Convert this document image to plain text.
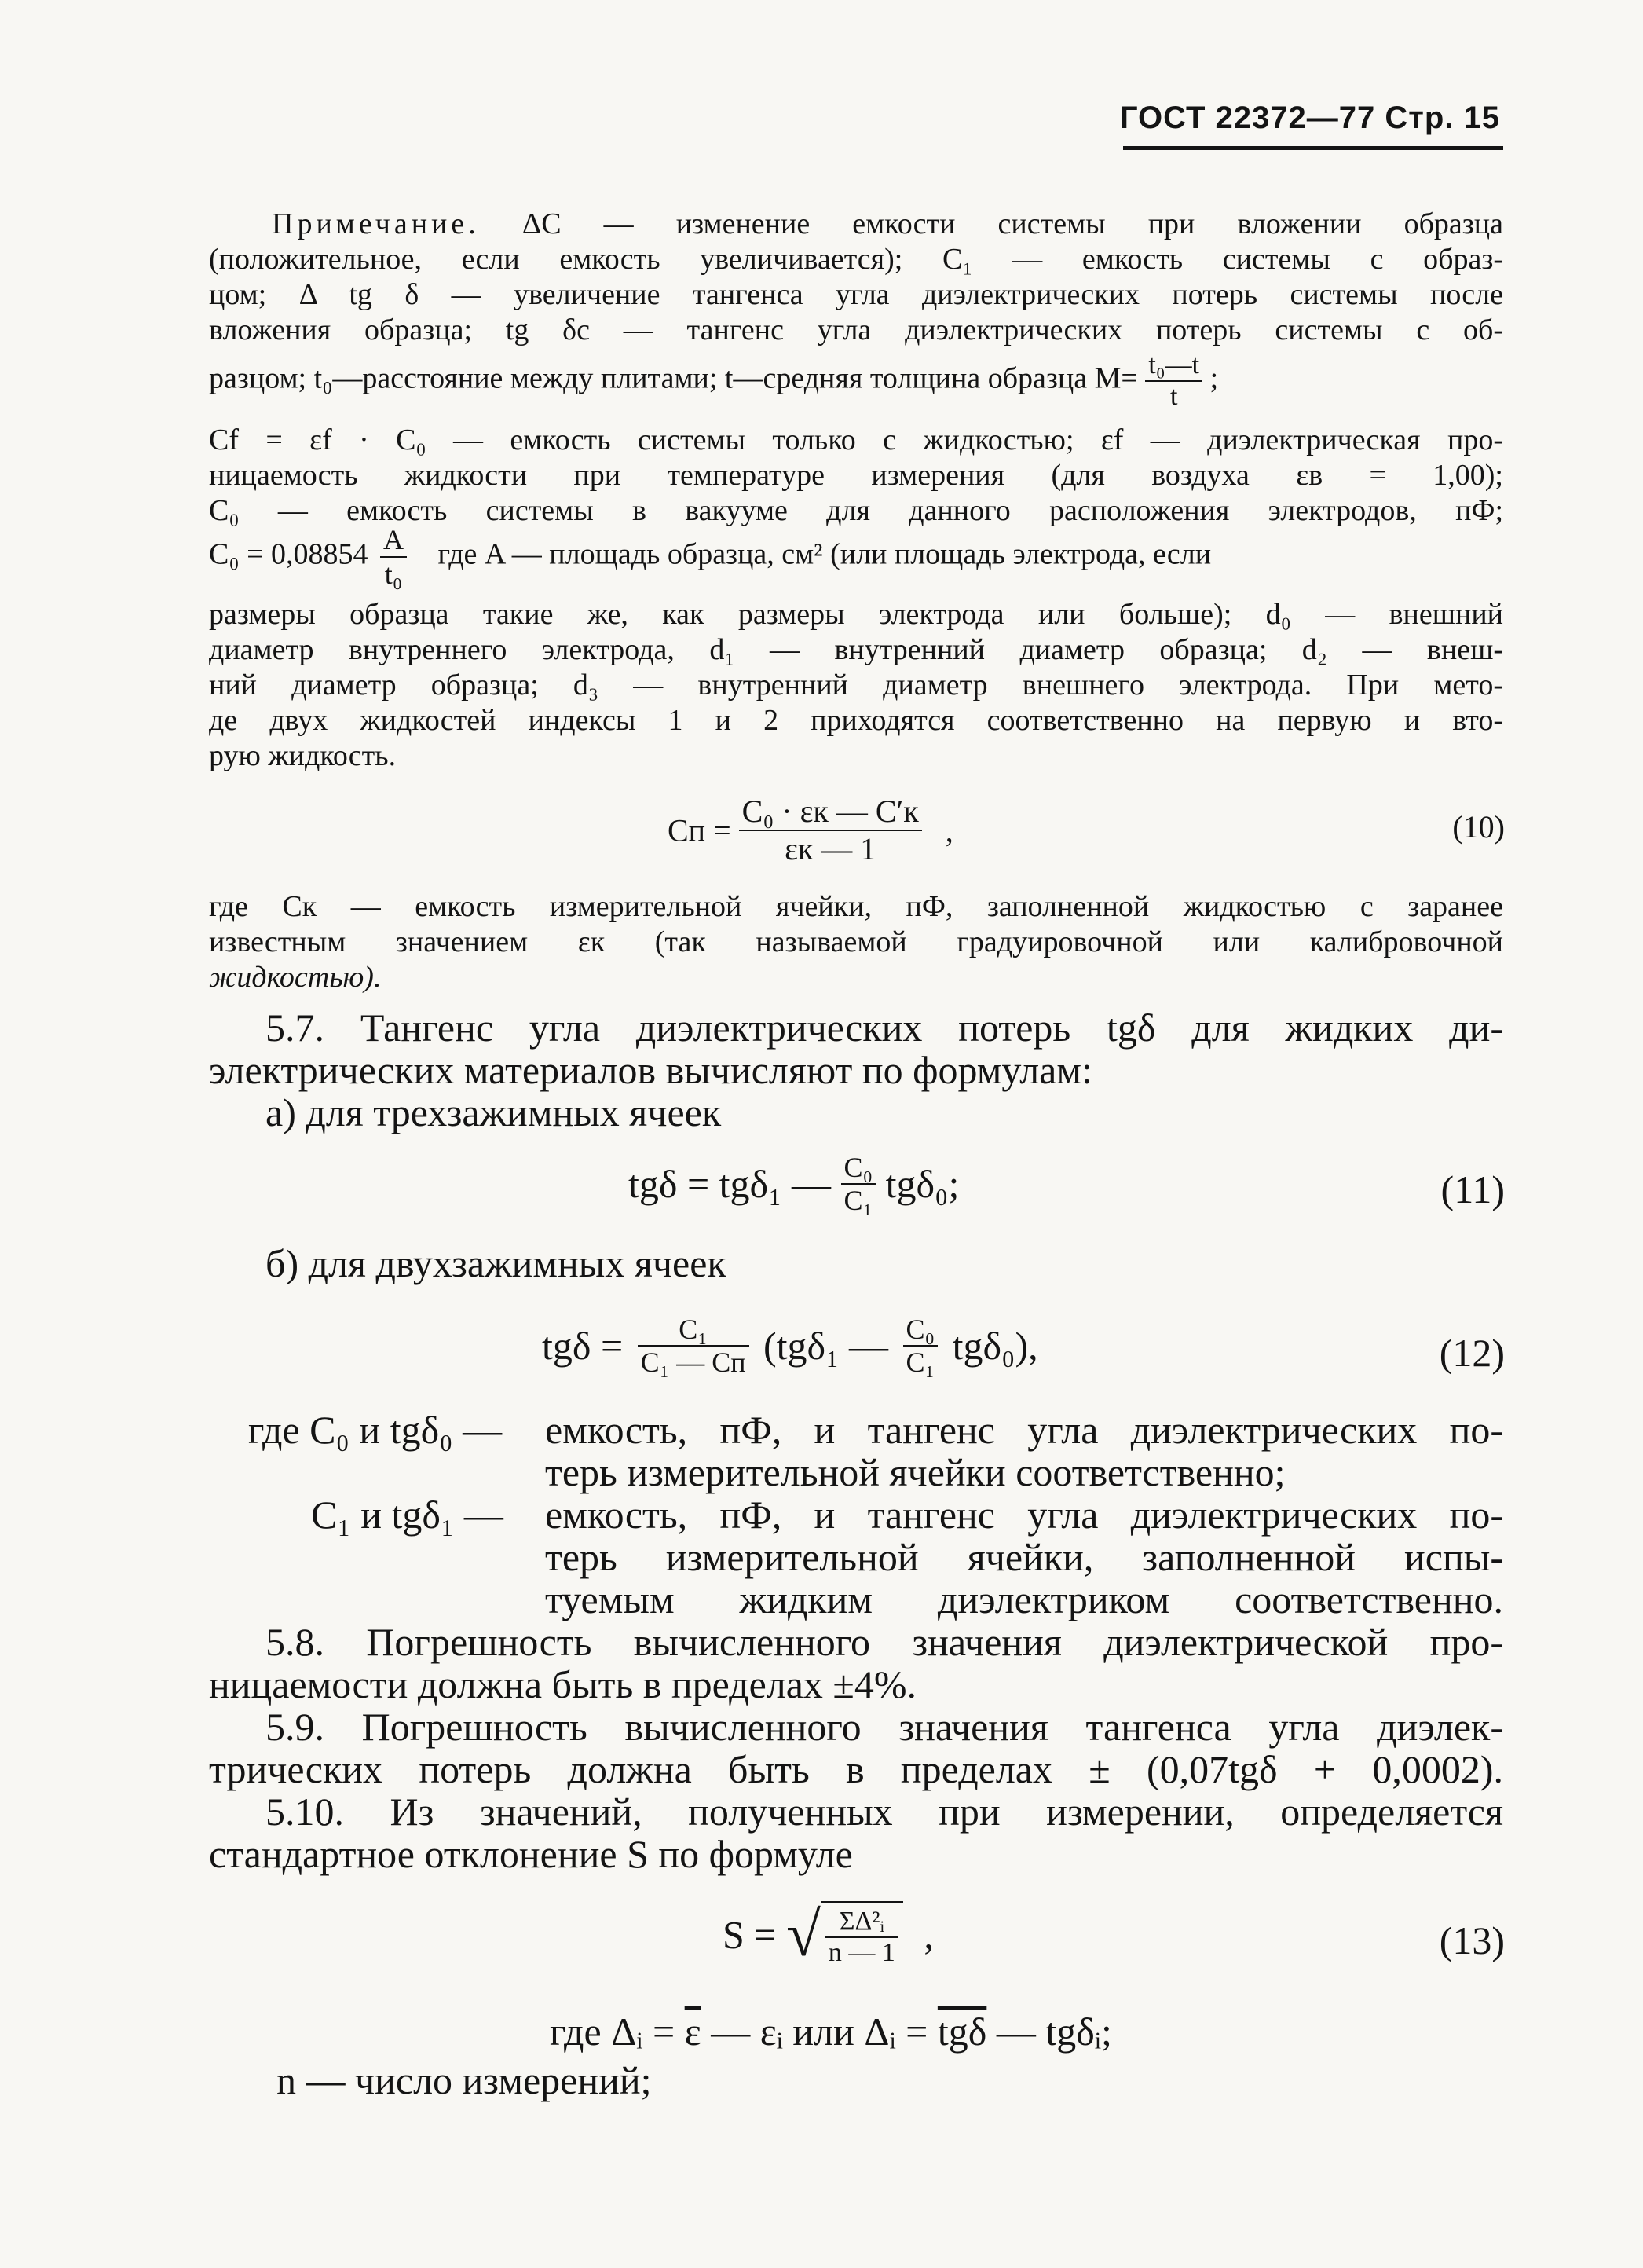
ГОСТ 22372—77 Стр. 15
Примечание. ΔC — изменение емкости системы при вложении образца
(положительное, если емкость увеличивается); C₁ — емкость системы с образ-
цом; Δ tg δ — увеличение тангенса угла диэлектрических потерь системы после
вложения образца; tg δc — тангенс угла диэлектрических потерь системы с об-
разцом; t₀—расстояние между плитами; t—средняя толщина образца $M= \frac{\text{t₀—t}}{t}$ ;
Cf = εf · C₀ — емкость системы только с жидкостью; εf — диэлектрическая про-
ницаемость жидкости при температуре измерения (для воздуха εв = 1,00);
C₀ — емкость системы в вакууме для данного расположения электродов, пФ;
$C_0 = 0,08854 \frac{A}{\text{t₀}}$ где A — площадь образца, см² (или площадь электрода, если
размеры образца такие же, как размеры электрода или больше); d₀ — внешний
диаметр внутреннего электрода, d₁ — внутренний диаметр образца; d₂ — внеш-
ний диаметр образца; d₃ — внутренний диаметр внешнего электрода. При мето-
де двух жидкостей индексы 1 и 2 приходятся соответственно на первую и вто-
рую жидкость.
Cп = $\frac{\text{C₀ · εк — C′к}}{\varepsilon к — 1}$ ,	(10)
где Cк — емкость измерительной ячейки, пФ, заполненной жидкостью с заранее
известным значением εк (так называемой градуировочной или калибровочной
жидкостью).
5.7. Тангенс угла диэлектрических потерь tgδ для жидких ди-
электрических материалов вычисляют по формулам:
а) для трехзажимных ячеек
tgδ = tgδ₁ — $\frac{\text{C₀}}{\text{C₁}} tg\delta_0$;	(11)
б) для двухзажимных ячеек
$tg\delta = \frac{\text{C₁}}{\text{C₁ — Cп}} (tg\delta_1$ — $\frac{\text{C₀}}{\text{C₁}} tg\delta_0$),	(12)
где C₀ и tgδ₀ — емкость, пФ, и тангенс угла диэлектрических по-
терь измерительной ячейки соответственно;
C₁ и tgδ₁ — емкость, пФ, и тангенс угла диэлектрических по-
терь измерительной ячейки, заполненной испы-
туемым жидким диэлектриком соответственно.
5.8. Погрешность вычисленного значения диэлектрической про-
ницаемости должна быть в пределах ±4%.
5.9. Погрешность вычисленного значения тангенса угла диэлек-
трических потерь должна быть в пределах ± (0,07tgδ + 0,0002).
5.10. Из значений, полученных при измерении, определяется
стандартное отклонение S по формуле
S = √ $\frac{\text{ΣΔ²ᵢ}}{n — 1}$ ,	(13)
где Δᵢ = $\overline{\varepsilon}$ — εᵢ или Δᵢ = $\overline{tg\delta}$ — tgδᵢ;
n — число измерений;
